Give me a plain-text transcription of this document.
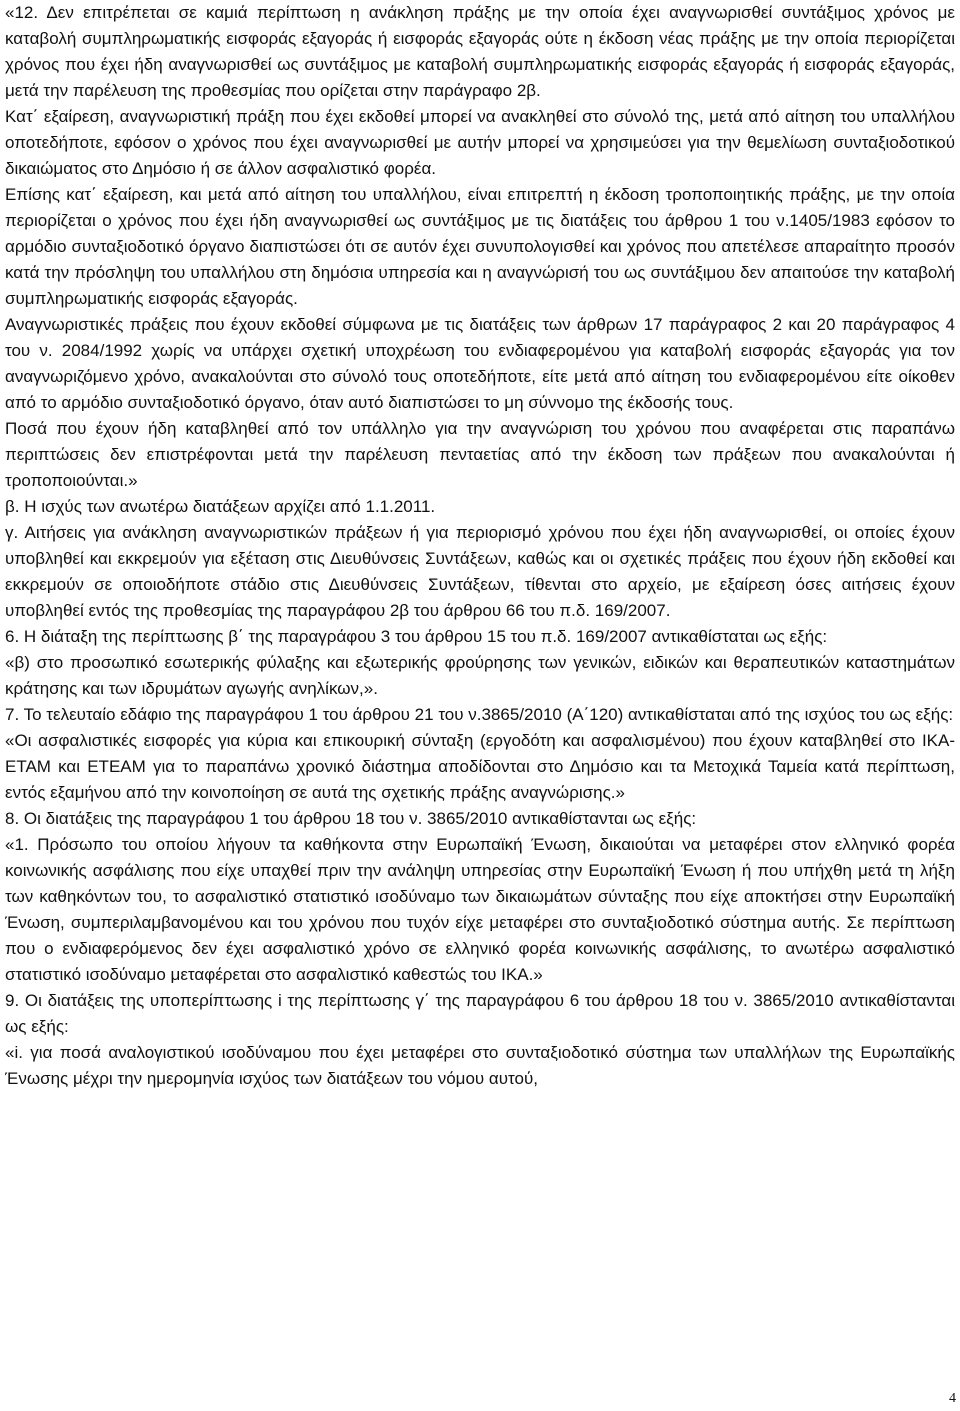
«12. Δεν επιτρέπεται σε καμιά περίπτωση η ανάκληση πράξης με την οποία έχει αναγνωρισθεί συντάξιμος χρόνος με καταβολή συμπληρωματικής εισφοράς εξαγοράς ή εισφοράς εξαγοράς ούτε η έκδοση νέας πράξης με την οποία περιορίζεται χρόνος που έχει ήδη αναγνωρισθεί ως συντάξιμος με καταβολή συμπληρωματικής εισφοράς εξαγοράς ή εισφοράς εξαγοράς, μετά την παρέλευση της προθεσμίας που ορίζεται στην παράγραφο 2β.

Κατ΄ εξαίρεση, αναγνωριστική πράξη που έχει εκδοθεί μπορεί να ανακληθεί στο σύνολό της, μετά από αίτηση του υπαλλήλου οποτεδήποτε, εφόσον ο χρόνος που έχει αναγνωρισθεί με αυτήν μπορεί να χρησιμεύσει για την θεμελίωση συνταξιοδοτικού δικαιώματος στο Δημόσιο ή σε άλλον ασφαλιστικό φορέα.

Επίσης κατ΄ εξαίρεση, και μετά από αίτηση του υπαλλήλου, είναι επιτρεπτή η έκδοση τροποποιητικής πράξης, με την οποία περιορίζεται ο χρόνος που έχει ήδη αναγνωρισθεί ως συντάξιμος με τις διατάξεις του άρθρου 1 του ν.1405/1983 εφόσον το αρμόδιο συνταξιοδοτικό όργανο διαπιστώσει ότι σε αυτόν έχει συνυπολογισθεί και χρόνος που απετέλεσε απαραίτητο προσόν κατά την πρόσληψη του υπαλλήλου στη δημόσια υπηρεσία και η αναγνώρισή του ως συντάξιμου δεν απαιτούσε την καταβολή συμπληρωματικής εισφοράς εξαγοράς.

Αναγνωριστικές πράξεις που έχουν εκδοθεί σύμφωνα με τις διατάξεις των άρθρων 17 παράγραφος 2 και 20 παράγραφος 4 του ν. 2084/1992 χωρίς να υπάρχει σχετική υποχρέωση του ενδιαφερομένου για καταβολή εισφοράς εξαγοράς για τον αναγνωριζόμενο χρόνο, ανακαλούνται στο σύνολό τους οποτεδήποτε, είτε μετά από αίτηση του ενδιαφερομένου είτε οίκοθεν από το αρμόδιο συνταξιοδοτικό όργανο, όταν αυτό διαπιστώσει το μη σύννομο της έκδοσής τους.

Ποσά που έχουν ήδη καταβληθεί από τον υπάλληλο για την αναγνώριση του χρόνου που αναφέρεται στις παραπάνω περιπτώσεις δεν επιστρέφονται μετά την παρέλευση πενταετίας από την έκδοση των πράξεων που ανακαλούνται ή τροποποιούνται.»

β. Η ισχύς των ανωτέρω διατάξεων αρχίζει από 1.1.2011.

γ. Αιτήσεις για ανάκληση αναγνωριστικών πράξεων ή για περιορισμό χρόνου που έχει ήδη αναγνωρισθεί, οι οποίες έχουν υποβληθεί και εκκρεμούν για εξέταση στις Διευθύνσεις Συντάξεων, καθώς και οι σχετικές πράξεις που έχουν ήδη εκδοθεί και εκκρεμούν σε οποιοδήποτε στάδιο στις Διευθύνσεις Συντάξεων, τίθενται στο αρχείο, με εξαίρεση όσες αιτήσεις έχουν υποβληθεί εντός της προθεσμίας της παραγράφου 2β του άρθρου 66 του π.δ. 169/2007.

6. Η διάταξη της περίπτωσης β΄ της παραγράφου 3 του άρθρου 15 του π.δ. 169/2007 αντικαθίσταται ως εξής:

«β) στο προσωπικό εσωτερικής φύλαξης και εξωτερικής φρούρησης των γενικών, ειδικών και θεραπευτικών καταστημάτων κράτησης και των ιδρυμάτων αγωγής ανηλίκων,».

7. Το τελευταίο εδάφιο της παραγράφου 1 του άρθρου 21 του ν.3865/2010 (Α΄120) αντικαθίσταται από της ισχύος του ως εξής:

«Οι ασφαλιστικές εισφορές για κύρια και επικουρική σύνταξη (εργοδότη και ασφαλισμένου) που έχουν καταβληθεί στο ΙΚΑ-ΕΤΑΜ και ΕΤΕΑΜ για το παραπάνω χρονικό διάστημα αποδίδονται στο Δημόσιο και τα Μετοχικά Ταμεία κατά περίπτωση, εντός εξαμήνου από την κοινοποίηση σε αυτά της σχετικής πράξης αναγνώρισης.»

8. Οι διατάξεις της παραγράφου 1 του άρθρου 18 του ν. 3865/2010 αντικαθίστανται ως εξής:

«1. Πρόσωπο του οποίου λήγουν τα καθήκοντα στην Ευρωπαϊκή Ένωση, δικαιούται να μεταφέρει στον ελληνικό φορέα κοινωνικής ασφάλισης που είχε υπαχθεί πριν την ανάληψη υπηρεσίας στην Ευρωπαϊκή Ένωση ή που υπήχθη μετά τη λήξη των καθηκόντων του, το ασφαλιστικό στατιστικό ισοδύναμο των δικαιωμάτων σύνταξης που είχε αποκτήσει στην Ευρωπαϊκή Ένωση, συμπεριλαμβανομένου και του χρόνου που τυχόν είχε μεταφέρει στο συνταξιοδοτικό σύστημα αυτής. Σε περίπτωση που ο ενδιαφερόμενος δεν έχει ασφαλιστικό χρόνο σε ελληνικό φορέα κοινωνικής ασφάλισης, το ανωτέρω ασφαλιστικό στατιστικό ισοδύναμο μεταφέρεται στο ασφαλιστικό καθεστώς του ΙΚΑ.»

9. Οι διατάξεις της υποπερίπτωσης i της περίπτωσης γ΄ της παραγράφου 6 του άρθρου 18 του ν. 3865/2010 αντικαθίστανται ως εξής:

«i. για ποσά αναλογιστικού ισοδύναμου που έχει μεταφέρει στο συνταξιοδοτικό σύστημα των υπαλλήλων της Ευρωπαϊκής Ένωσης μέχρι την ημερομηνία ισχύος των διατάξεων του νόμου αυτού,

4
